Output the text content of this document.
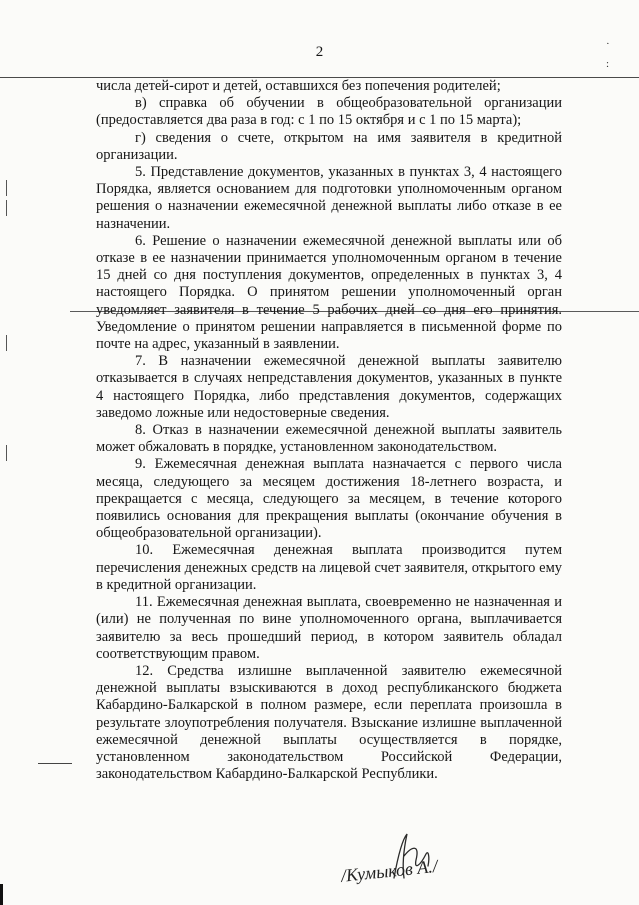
2	·
:

числа детей-сирот и детей, оставшихся без попечения родителей;

в) справка об обучении в общеобразовательной организации (предоставляется два раза в год: с 1 по 15 октября и с 1 по 15 марта);

г) сведения о счете, открытом на имя заявителя в кредитной организации.

5. Представление документов, указанных в пунктах 3, 4 настоящего Порядка, является основанием для подготовки уполномоченным органом решения о назначении ежемесячной денежной выплаты либо отказе в ее назначении.

6. Решение о назначении ежемесячной денежной выплаты или об отказе в ее назначении принимается уполномоченным органом в течение 15 дней со дня поступления документов, определенных в пунктах 3, 4 настоящего Порядка. О принятом решении уполномоченный орган уведомляет заявителя в течение 5 рабочих дней со дня его принятия. Уведомление о принятом решении направляется в письменной форме по почте на адрес, указанный в заявлении.

7. В назначении ежемесячной денежной выплаты заявителю отказывается в случаях непредставления документов, указанных в пункте 4 настоящего Порядка, либо представления документов, содержащих заведомо ложные или недостоверные сведения.

8. Отказ в назначении ежемесячной денежной выплаты заявитель может обжаловать в порядке, установленном законодательством.

9. Ежемесячная денежная выплата назначается с первого числа месяца, следующего за месяцем достижения 18-летнего возраста, и прекращается с месяца, следующего за месяцем, в течение которого появились основания для прекращения выплаты (окончание обучения в общеобразовательной организации).

10. Ежемесячная денежная выплата производится путем перечисления денежных средств на лицевой счет заявителя, открытого ему в кредитной организации.

11. Ежемесячная денежная выплата, своевременно не назначенная и (или) не полученная по вине уполномоченного органа, выплачивается заявителю за весь прошедший период, в котором заявитель обладал соответствующим правом.

12. Средства излишне выплаченной заявителю ежемесячной денежной выплаты взыскиваются в доход республиканского бюджета Кабардино-Балкарской в полном размере, если переплата произошла в результате злоупотребления получателя. Взыскание излишне выплаченной ежемесячной денежной выплаты осуществляется в порядке, установленном законодательством Российской Федерации, законодательством Кабардино-Балкарской Республики.

/Кумыков А./
